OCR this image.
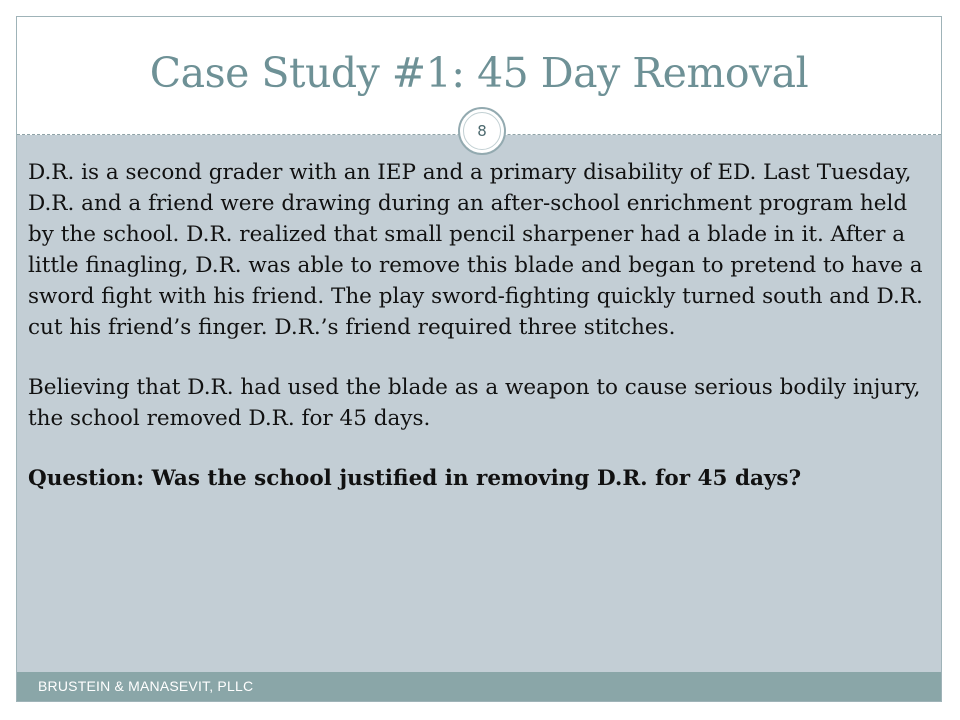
Case Study #1: 45 Day Removal

D.R. is a second grader with an IEP and a primary disability of ED. Last Tuesday, D.R. and a friend were drawing during an after-school enrichment program held by the school. D.R. realized that small pencil sharpener had a blade in it. After a little finagling, D.R. was able to remove this blade and began to pretend to have a sword fight with his friend. The play sword-fighting quickly turned south and D.R. cut his friend’s finger. D.R.’s friend required three stitches.

Believing that D.R. had used the blade as a weapon to cause serious bodily injury, the school removed D.R. for 45 days.

Question: Was the school justified in removing D.R. for 45 days?

8
BRUSTEIN & MANASEVIT, PLLC
